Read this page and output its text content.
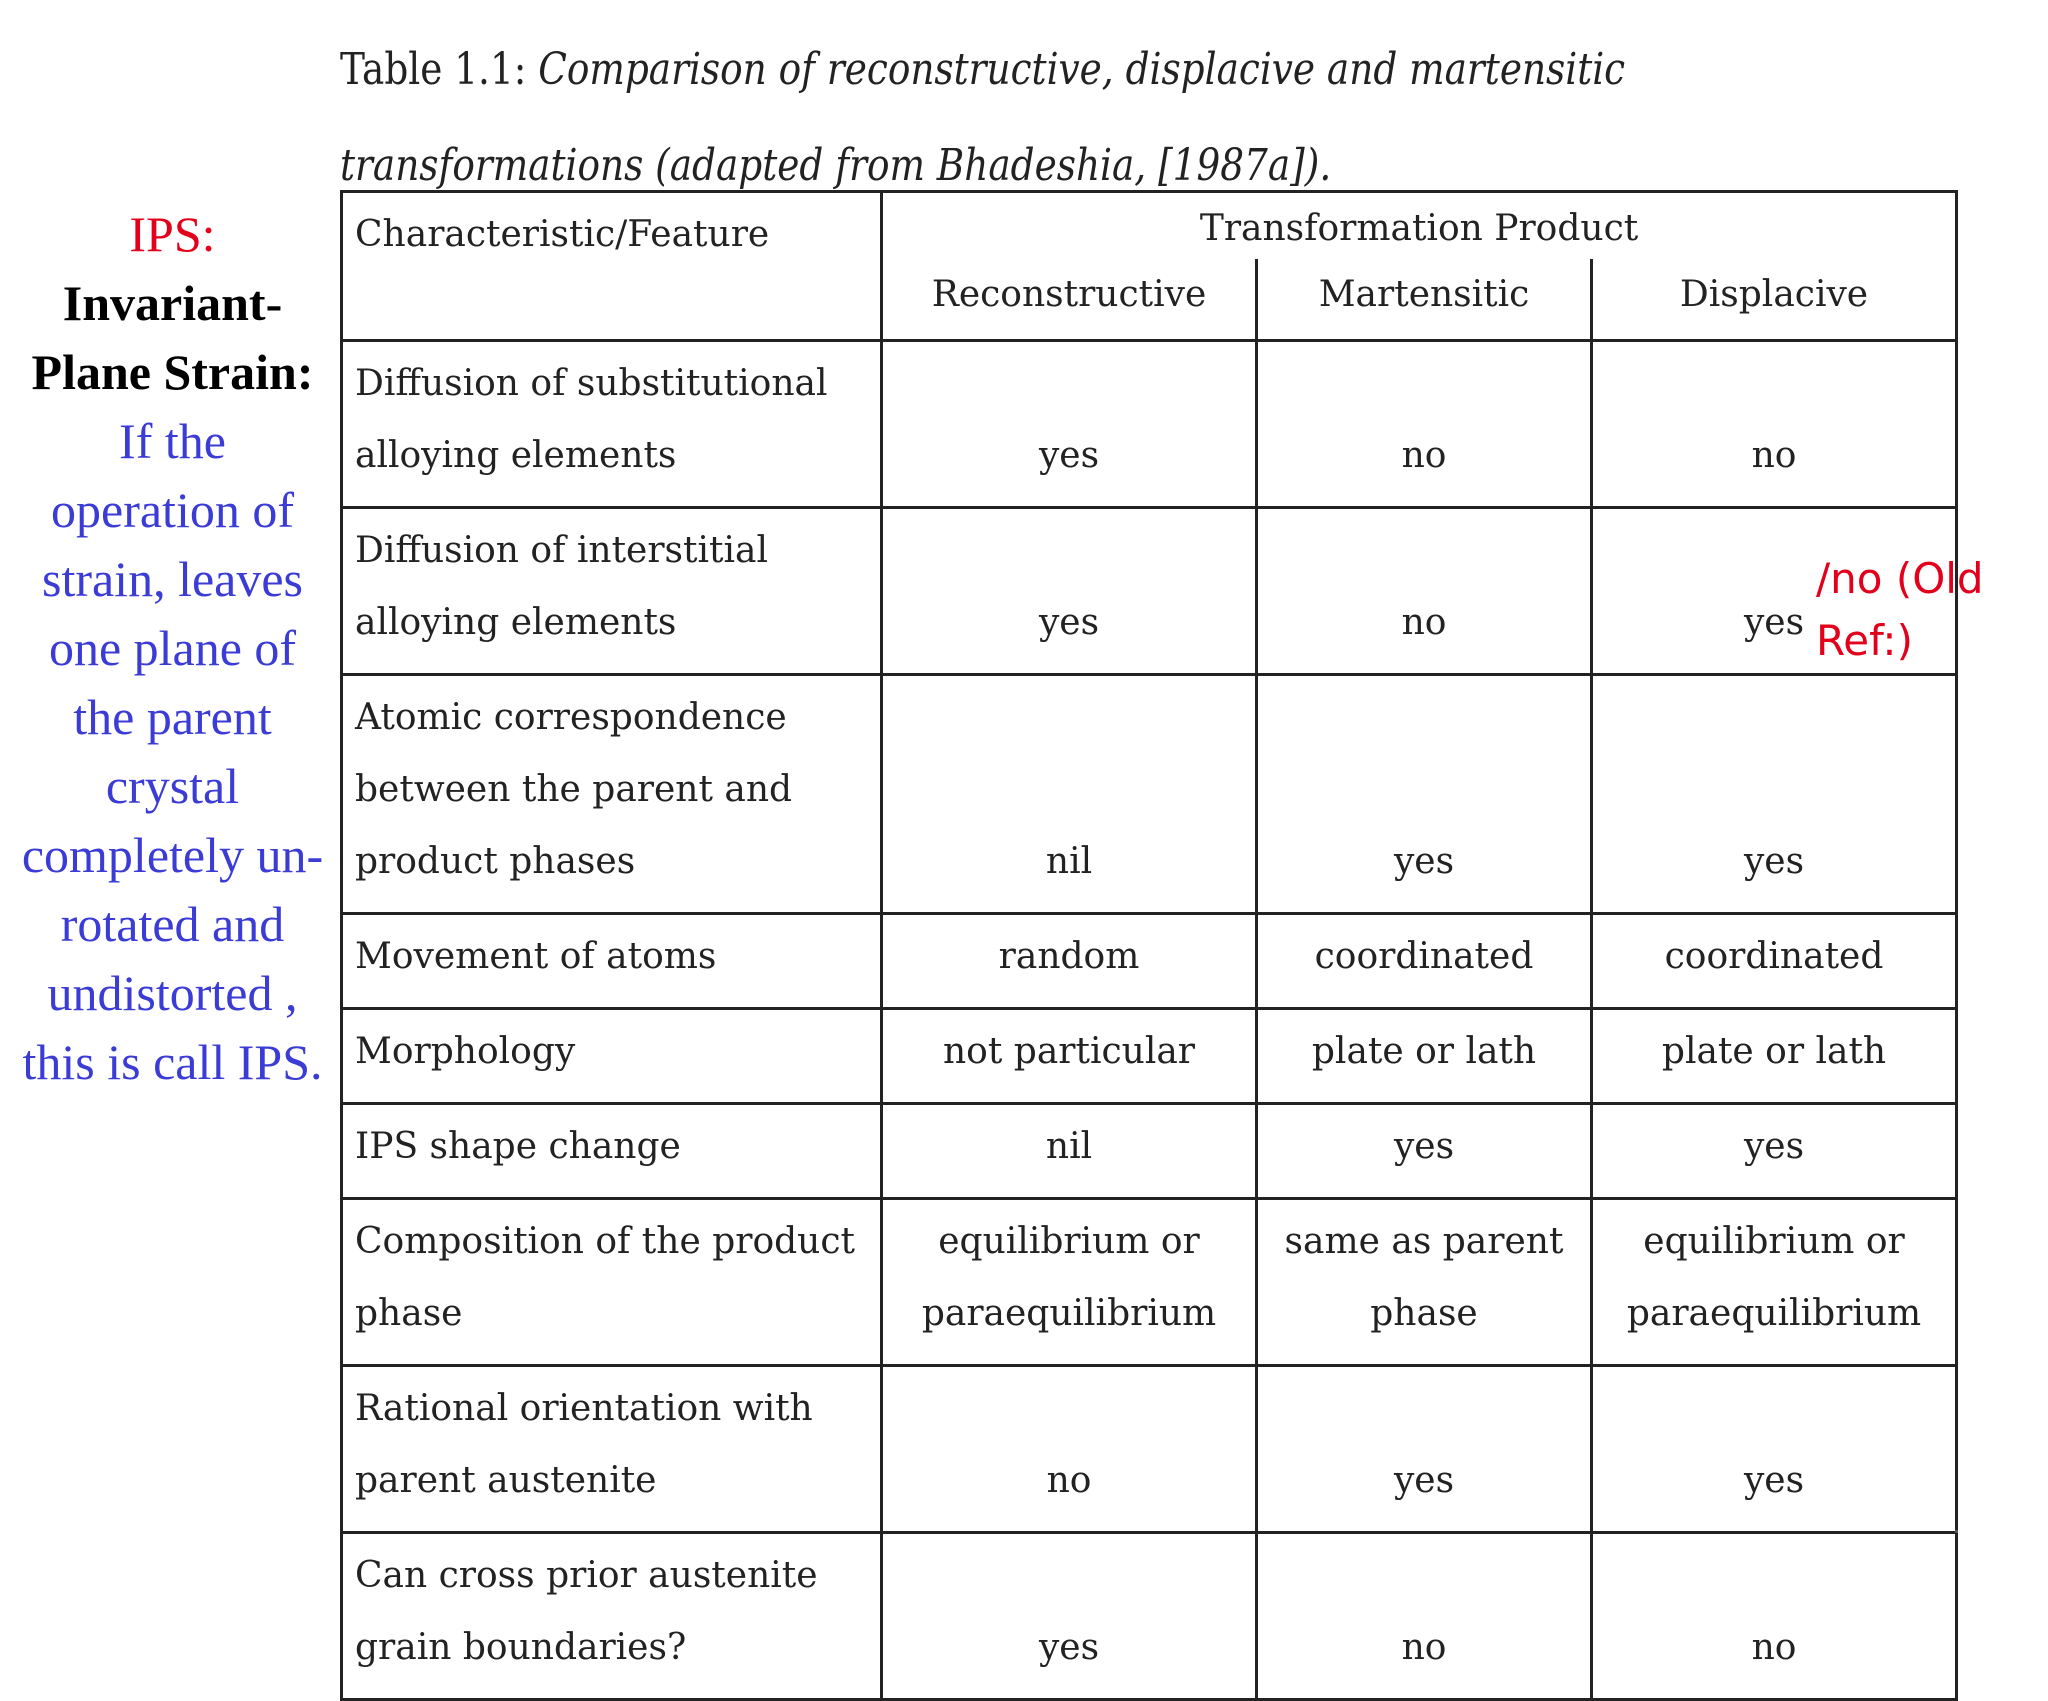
IPS:
Invariant-Plane Strain:
If the operation of strain, leaves one plane of the parent crystal completely un-rotated and undistorted , this is call IPS.
Table 1.1: Comparison of reconstructive, displacive and martensitic transformations (adapted from Bhadeshia, [1987a]).
Characteristic/Feature	Transformation Product		
	Reconstructive	Martensitic	Displacive
Diffusion of substitutional alloying elements	yes	no	no
Diffusion of interstitial alloying elements	yes	no	yes
Atomic correspondence between the parent and product phases	nil	yes	yes
Movement of atoms	random	coordinated	coordinated
Morphology	not particular	plate or lath	plate or lath
IPS shape change	nil	yes	yes
Composition of the product phase	equilibrium or paraequilibrium	same as parent phase	equilibrium or paraequilibrium
Rational orientation with parent austenite	no	yes	yes
Can cross prior austenite grain boundaries?	yes	no	no
/no (Old Ref:)
